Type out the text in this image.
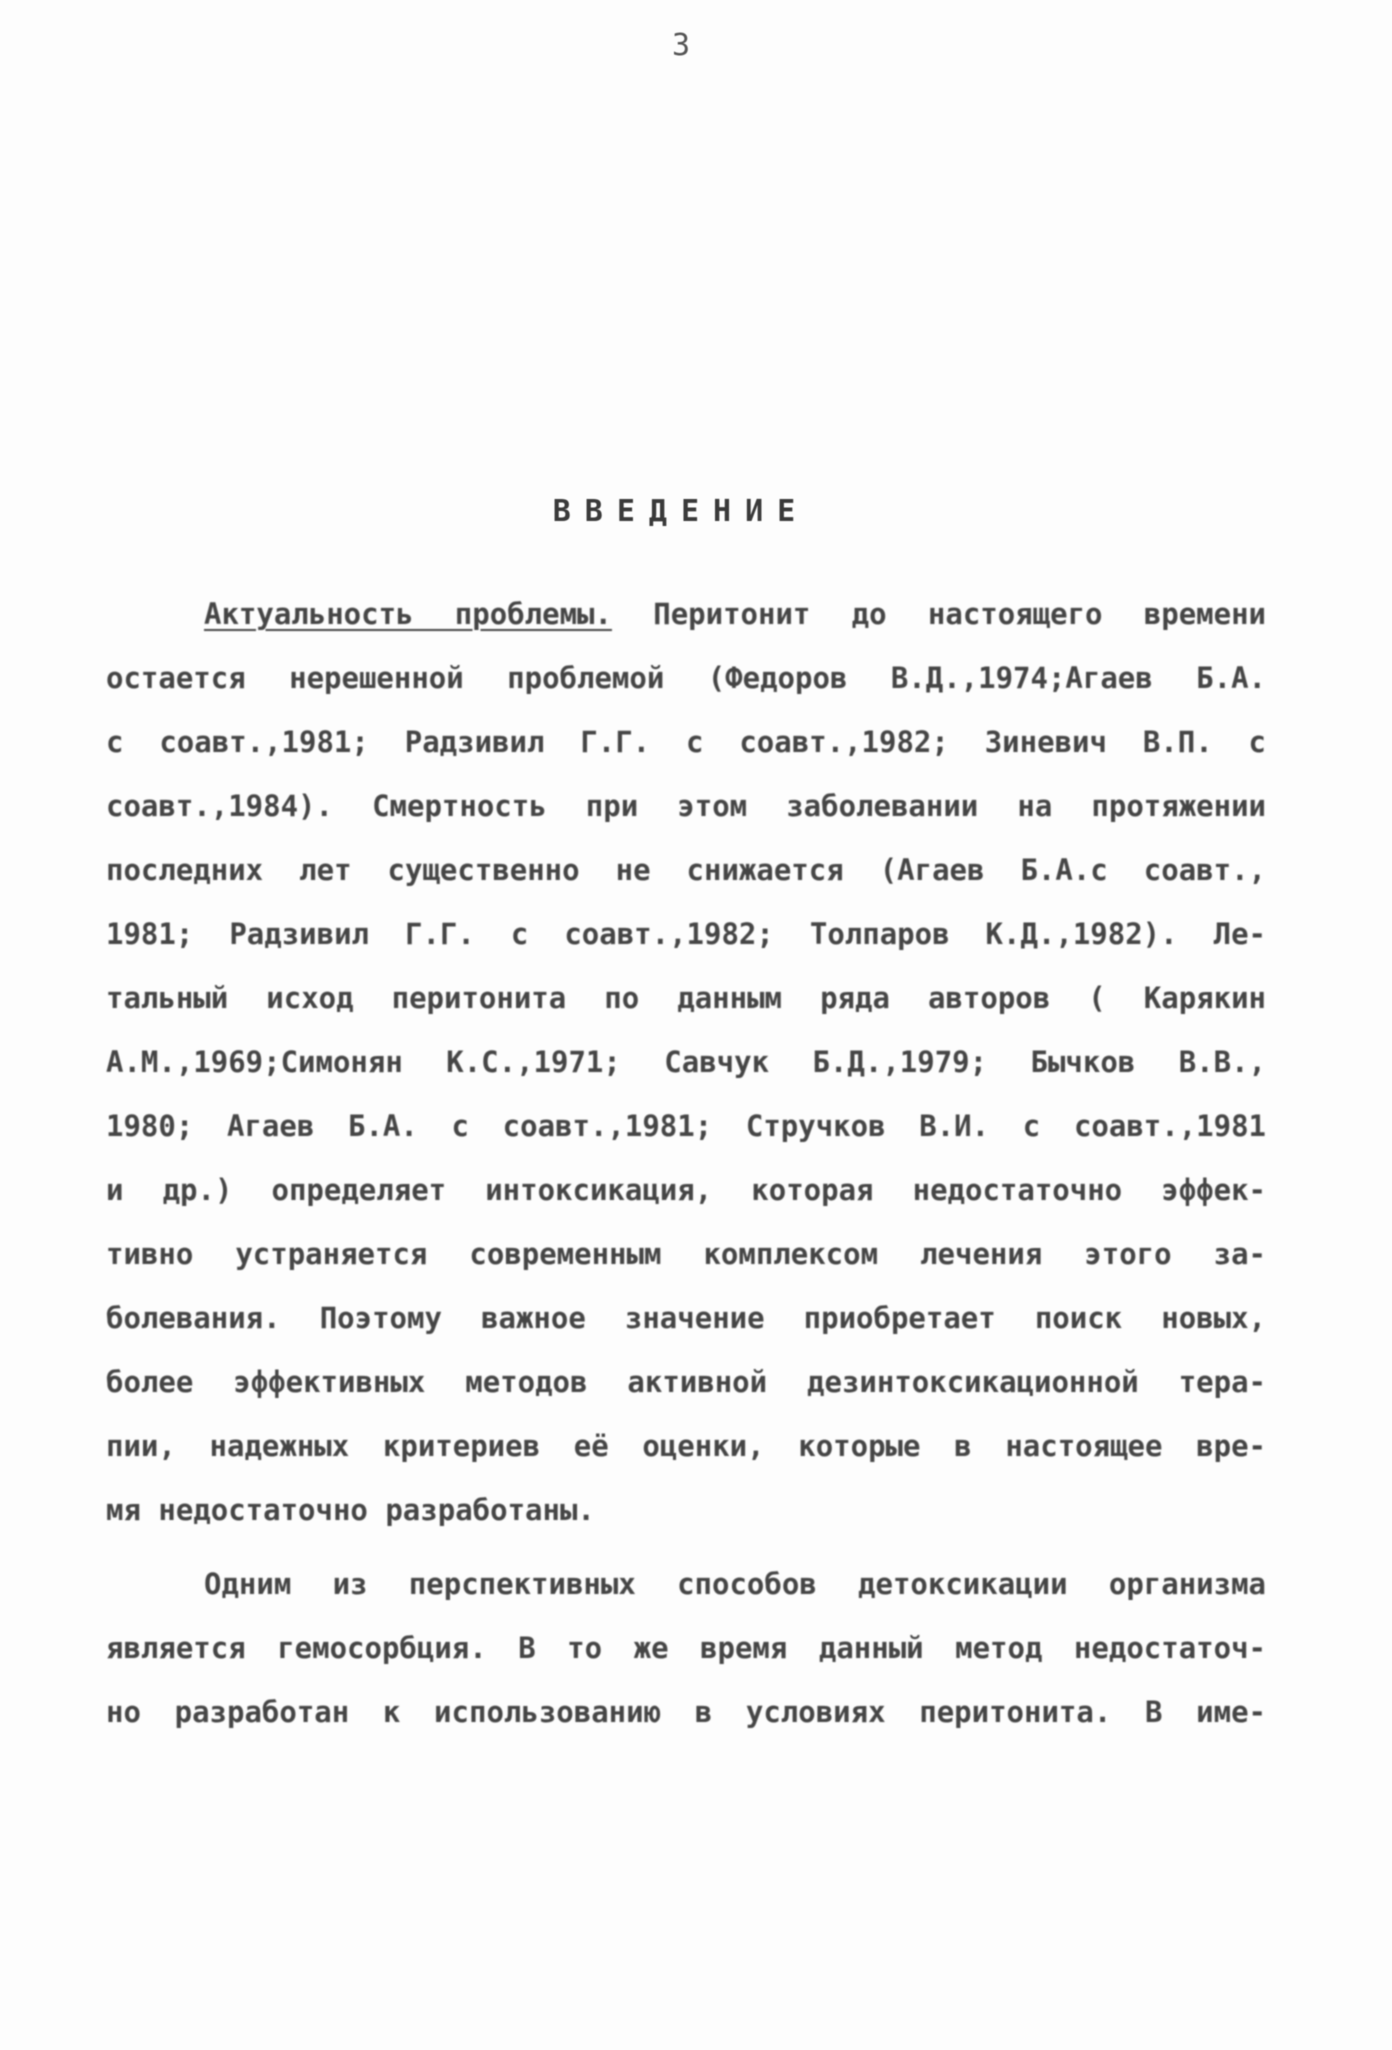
3
ВВЕДЕНИЕ
Актуальность проблемы. Перитонит до настоящего времени
остается нерешенной проблемой (Федоров В.Д.,1974;Агаев Б.А.
с соавт.,1981; Радзивил Г.Г. с соавт.,1982; Зиневич В.П. с
соавт.,1984). Смертность при этом заболевании на протяжении
последних лет существенно не снижается (Агаев Б.А.с соавт.,
1981; Радзивил Г.Г. с соавт.,1982; Толпаров К.Д.,1982). Ле-
тальный исход перитонита по данным ряда авторов ( Карякин
А.М.,1969;Симонян К.С.,1971; Савчук Б.Д.,1979; Бычков В.В.,
1980; Агаев Б.А. с соавт.,1981; Стручков В.И. с соавт.,1981
и др.) определяет интоксикация, которая недостаточно эффек-
тивно устраняется современным комплексом лечения этого за-
болевания. Поэтому важное значение приобретает поиск новых,
более эффективных методов активной дезинтоксикационной тера-
пии, надежных критериев её оценки, которые в настоящее вре-
мя недостаточно разработаны.
Одним из перспективных способов детоксикации организма
является гемосорбция. В то же время данный метод недостаточ-
но разработан к использованию в условиях перитонита. В име-
